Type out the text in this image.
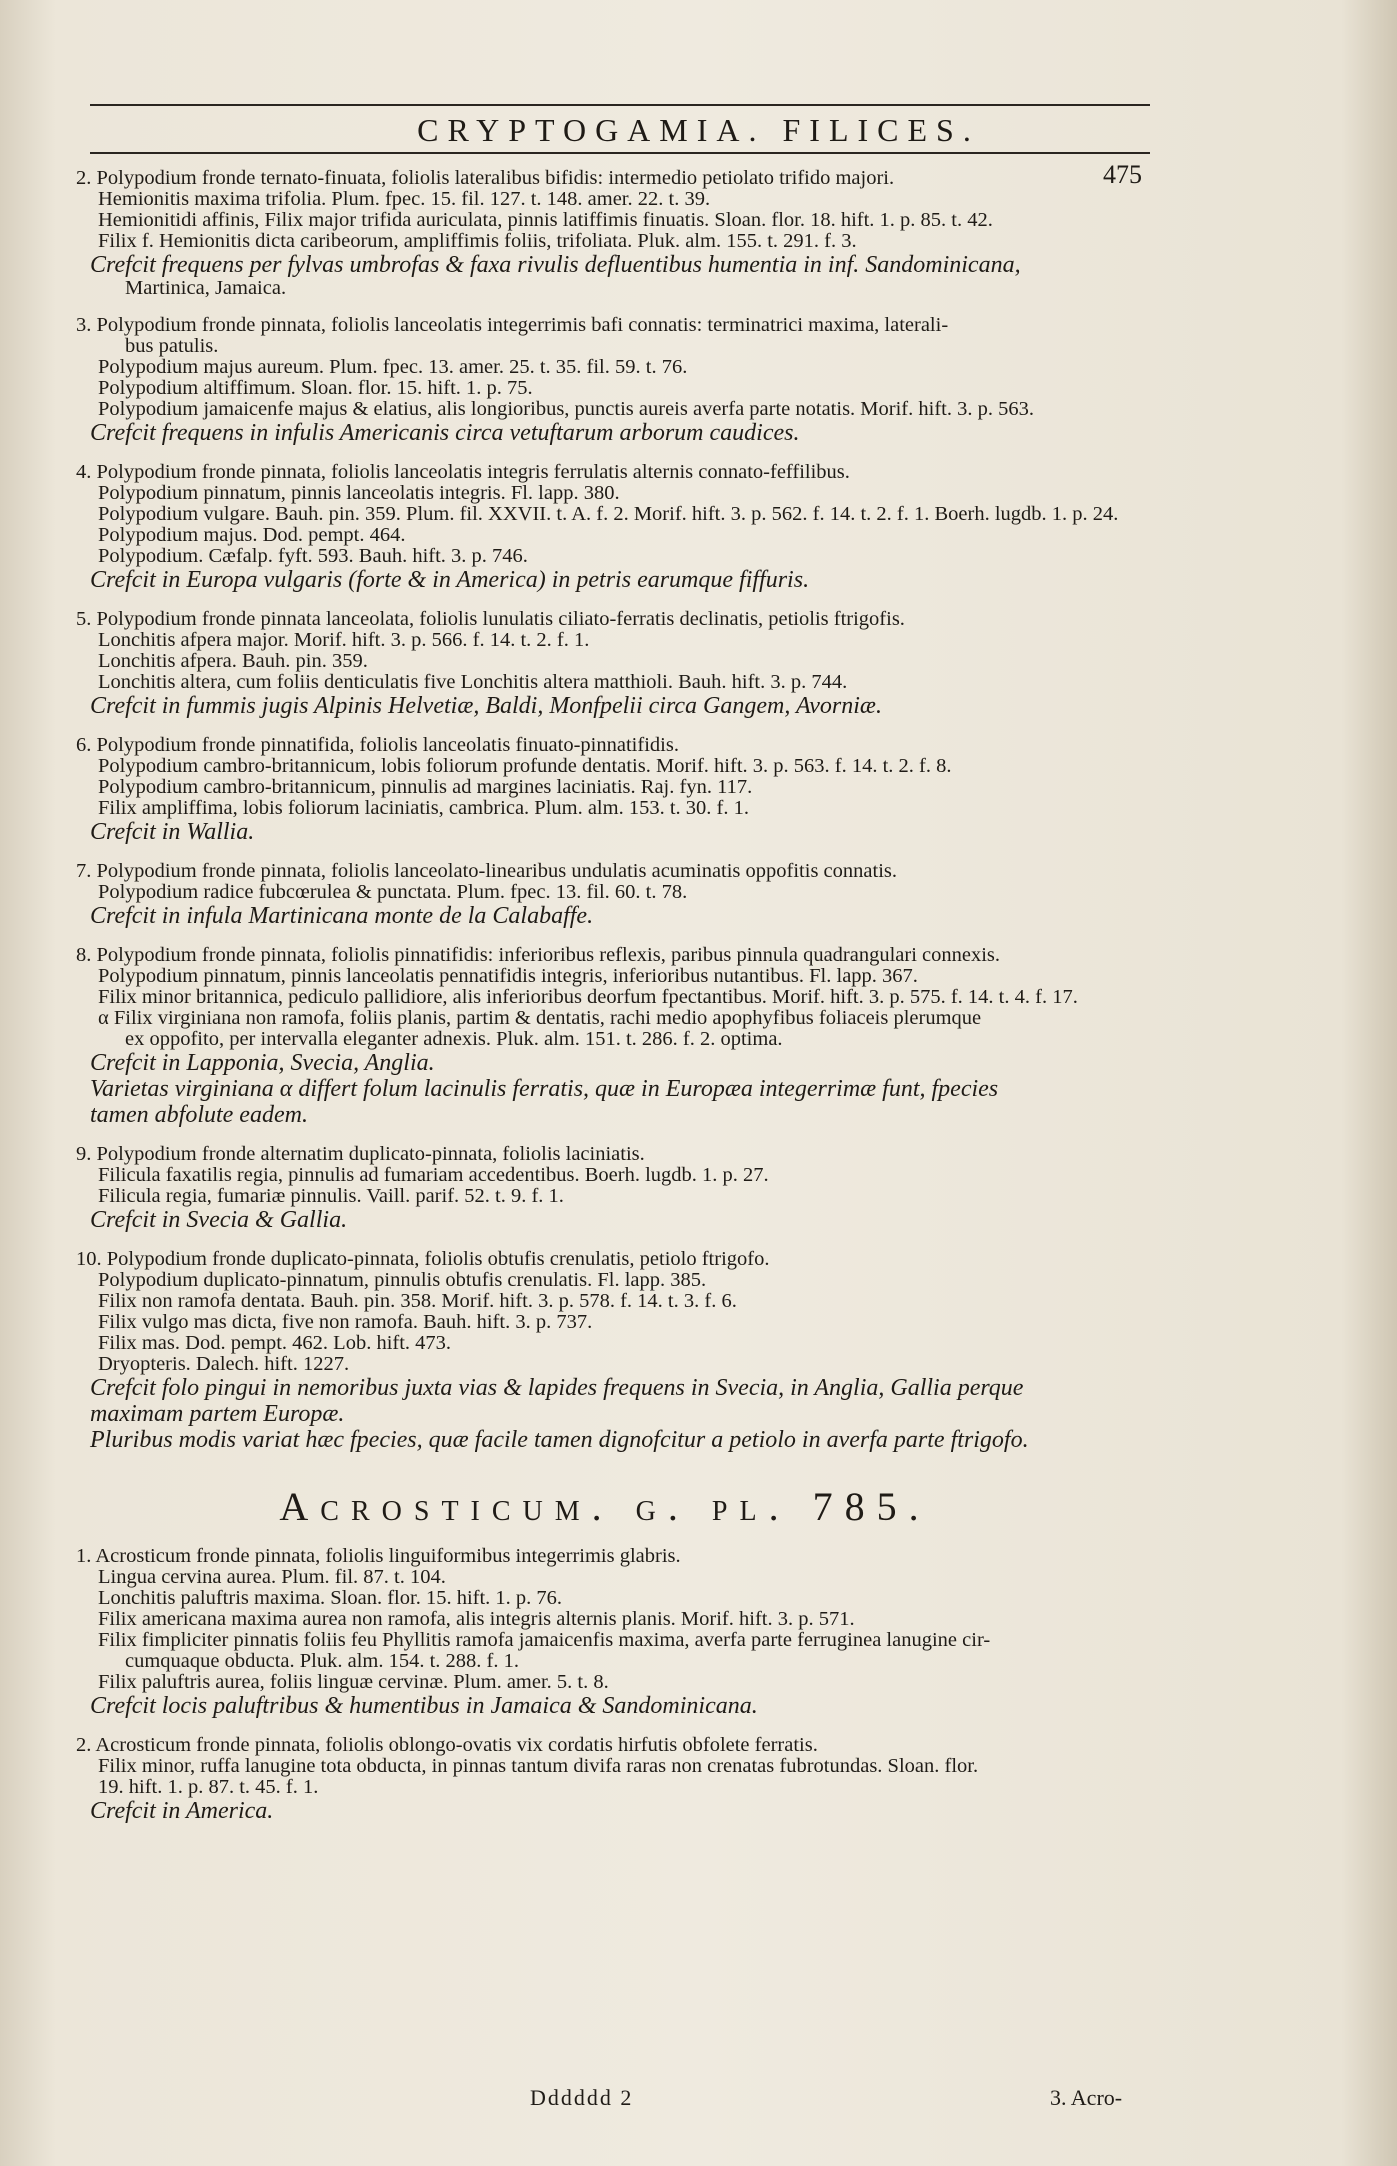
CRYPTOGAMIA. FILICES.
475
2. Polypodium fronde ternato-finuata, foliolis lateralibus bifidis: intermedio petiolato trifido majori.
Hemionitis maxima trifolia. Plum. fpec. 15. fil. 127. t. 148. amer. 22. t. 39.
Hemionitidi affinis, Filix major trifida auriculata, pinnis latiffimis finuatis. Sloan. flor. 18. hift. 1. p. 85. t. 42.
Filix f. Hemionitis dicta caribeorum, ampliffimis foliis, trifoliata. Pluk. alm. 155. t. 291. f. 3.
Crefcit frequens per fylvas umbrofas & faxa rivulis defluentibus humentia in inf. Sandominicana,
Martinica, Jamaica.
3. Polypodium fronde pinnata, foliolis lanceolatis integerrimis bafi connatis: terminatrici maxima, laterali-
bus patulis.
Polypodium majus aureum. Plum. fpec. 13. amer. 25. t. 35. fil. 59. t. 76.
Polypodium altiffimum. Sloan. flor. 15. hift. 1. p. 75.
Polypodium jamaicenfe majus & elatius, alis longioribus, punctis aureis averfa parte notatis. Morif. hift. 3. p. 563.
Crefcit frequens in infulis Americanis circa vetuftarum arborum caudices.
4. Polypodium fronde pinnata, foliolis lanceolatis integris ferrulatis alternis connato-feffilibus.
Polypodium pinnatum, pinnis lanceolatis integris. Fl. lapp. 380.
Polypodium vulgare. Bauh. pin. 359. Plum. fil. XXVII. t. A. f. 2. Morif. hift. 3. p. 562. f. 14. t. 2. f. 1. Boerh. lugdb. 1. p. 24.
Polypodium majus. Dod. pempt. 464.
Polypodium. Cæfalp. fyft. 593. Bauh. hift. 3. p. 746.
Crefcit in Europa vulgaris (forte & in America) in petris earumque fiffuris.
5. Polypodium fronde pinnata lanceolata, foliolis lunulatis ciliato-ferratis declinatis, petiolis ftrigofis.
Lonchitis afpera major. Morif. hift. 3. p. 566. f. 14. t. 2. f. 1.
Lonchitis afpera. Bauh. pin. 359.
Lonchitis altera, cum foliis denticulatis five Lonchitis altera matthioli. Bauh. hift. 3. p. 744.
Crefcit in fummis jugis Alpinis Helvetiæ, Baldi, Monfpelii circa Gangem, Avorniæ.
6. Polypodium fronde pinnatifida, foliolis lanceolatis finuato-pinnatifidis.
Polypodium cambro-britannicum, lobis foliorum profunde dentatis. Morif. hift. 3. p. 563. f. 14. t. 2. f. 8.
Polypodium cambro-britannicum, pinnulis ad margines laciniatis. Raj. fyn. 117.
Filix ampliffima, lobis foliorum laciniatis, cambrica. Plum. alm. 153. t. 30. f. 1.
Crefcit in Wallia.
7. Polypodium fronde pinnata, foliolis lanceolato-linearibus undulatis acuminatis oppofitis connatis.
Polypodium radice fubcœrulea & punctata. Plum. fpec. 13. fil. 60. t. 78.
Crefcit in infula Martinicana monte de la Calabaffe.
8. Polypodium fronde pinnata, foliolis pinnatifidis: inferioribus reflexis, paribus pinnula quadrangulari connexis.
Polypodium pinnatum, pinnis lanceolatis pennatifidis integris, inferioribus nutantibus. Fl. lapp. 367.
Filix minor britannica, pediculo pallidiore, alis inferioribus deorfum fpectantibus. Morif. hift. 3. p. 575. f. 14. t. 4. f. 17.
α Filix virginiana non ramofa, foliis planis, partim & dentatis, rachi medio apophyfibus foliaceis plerumque
ex oppofito, per intervalla eleganter adnexis. Pluk. alm. 151. t. 286. f. 2. optima.
Crefcit in Lapponia, Svecia, Anglia.
Varietas virginiana α differt folum lacinulis ferratis, quæ in Europæa integerrimæ funt, fpecies
tamen abfolute eadem.
9. Polypodium fronde alternatim duplicato-pinnata, foliolis laciniatis.
Filicula faxatilis regia, pinnulis ad fumariam accedentibus. Boerh. lugdb. 1. p. 27.
Filicula regia, fumariæ pinnulis. Vaill. parif. 52. t. 9. f. 1.
Crefcit in Svecia & Gallia.
10. Polypodium fronde duplicato-pinnata, foliolis obtufis crenulatis, petiolo ftrigofo.
Polypodium duplicato-pinnatum, pinnulis obtufis crenulatis. Fl. lapp. 385.
Filix non ramofa dentata. Bauh. pin. 358. Morif. hift. 3. p. 578. f. 14. t. 3. f. 6.
Filix vulgo mas dicta, five non ramofa. Bauh. hift. 3. p. 737.
Filix mas. Dod. pempt. 462. Lob. hift. 473.
Dryopteris. Dalech. hift. 1227.
Crefcit folo pingui in nemoribus juxta vias & lapides frequens in Svecia, in Anglia, Gallia perque
maximam partem Europæ.
Pluribus modis variat hæc fpecies, quæ facile tamen dignofcitur a petiolo in averfa parte ftrigofo.
Acrosticum. g. pl. 785.
1. Acrosticum fronde pinnata, foliolis linguiformibus integerrimis glabris.
Lingua cervina aurea. Plum. fil. 87. t. 104.
Lonchitis paluftris maxima. Sloan. flor. 15. hift. 1. p. 76.
Filix americana maxima aurea non ramofa, alis integris alternis planis. Morif. hift. 3. p. 571.
Filix fimpliciter pinnatis foliis feu Phyllitis ramofa jamaicenfis maxima, averfa parte ferruginea lanugine cir-
cumquaque obducta. Pluk. alm. 154. t. 288. f. 1.
Filix paluftris aurea, foliis linguæ cervinæ. Plum. amer. 5. t. 8.
Crefcit locis paluftribus & humentibus in Jamaica & Sandominicana.
2. Acrosticum fronde pinnata, foliolis oblongo-ovatis vix cordatis hirfutis obfolete ferratis.
Filix minor, ruffa lanugine tota obducta, in pinnas tantum divifa raras non crenatas fubrotundas. Sloan. flor.
19. hift. 1. p. 87. t. 45. f. 1.
Crefcit in America.
Dddddd 2	3. Acro-
